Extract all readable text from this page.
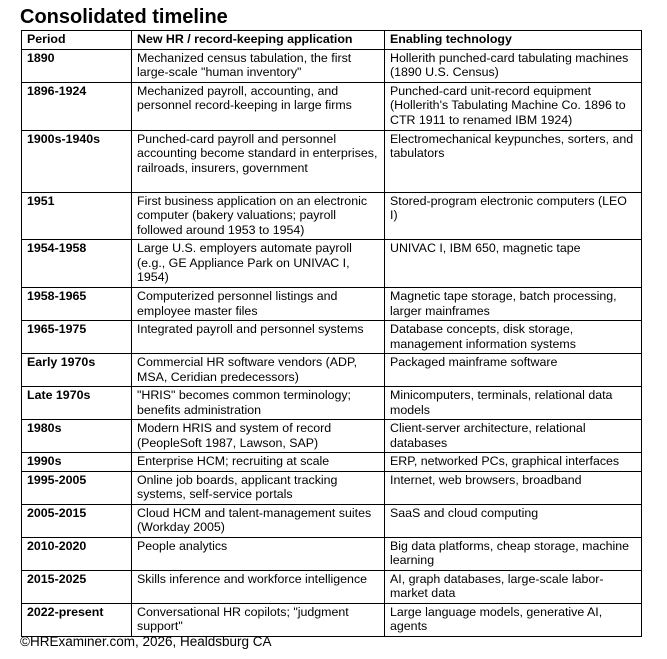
Consolidated timeline
Period	New HR / record-keeping application	Enabling technology
1890	Mechanized census tabulation, the first large-scale "human inventory"	Hollerith punched-card tabulating machines (1890 U.S. Census)
1896-1924	Mechanized payroll, accounting, and personnel record-keeping in large firms	Punched-card unit-record equipment (Hollerith's Tabulating Machine Co. 1896 to CTR 1911 to renamed IBM 1924)
1900s-1940s	Punched-card payroll and personnel accounting become standard in enterprises, railroads, insurers, government	Electromechanical keypunches, sorters, and tabulators
1951	First business application on an electronic computer (bakery valuations; payroll followed around 1953 to 1954)	Stored-program electronic computers (LEO I)
1954-1958	Large U.S. employers automate payroll (e.g., GE Appliance Park on UNIVAC I, 1954)	UNIVAC I, IBM 650, magnetic tape
1958-1965	Computerized personnel listings and employee master files	Magnetic tape storage, batch processing, larger mainframes
1965-1975	Integrated payroll and personnel systems	Database concepts, disk storage, management information systems
Early 1970s	Commercial HR software vendors (ADP, MSA, Ceridian predecessors)	Packaged mainframe software
Late 1970s	"HRIS" becomes common terminology; benefits administration	Minicomputers, terminals, relational data models
1980s	Modern HRIS and system of record (PeopleSoft 1987, Lawson, SAP)	Client-server architecture, relational databases
1990s	Enterprise HCM; recruiting at scale	ERP, networked PCs, graphical interfaces
1995-2005	Online job boards, applicant tracking systems, self-service portals	Internet, web browsers, broadband
2005-2015	Cloud HCM and talent-management suites (Workday 2005)	SaaS and cloud computing
2010-2020	People analytics	Big data platforms, cheap storage, machine learning
2015-2025	Skills inference and workforce intelligence	AI, graph databases, large-scale labor-market data
2022-present	Conversational HR copilots; "judgment support"	Large language models, generative AI, agents
©HRExaminer.com, 2026, Healdsburg CA
